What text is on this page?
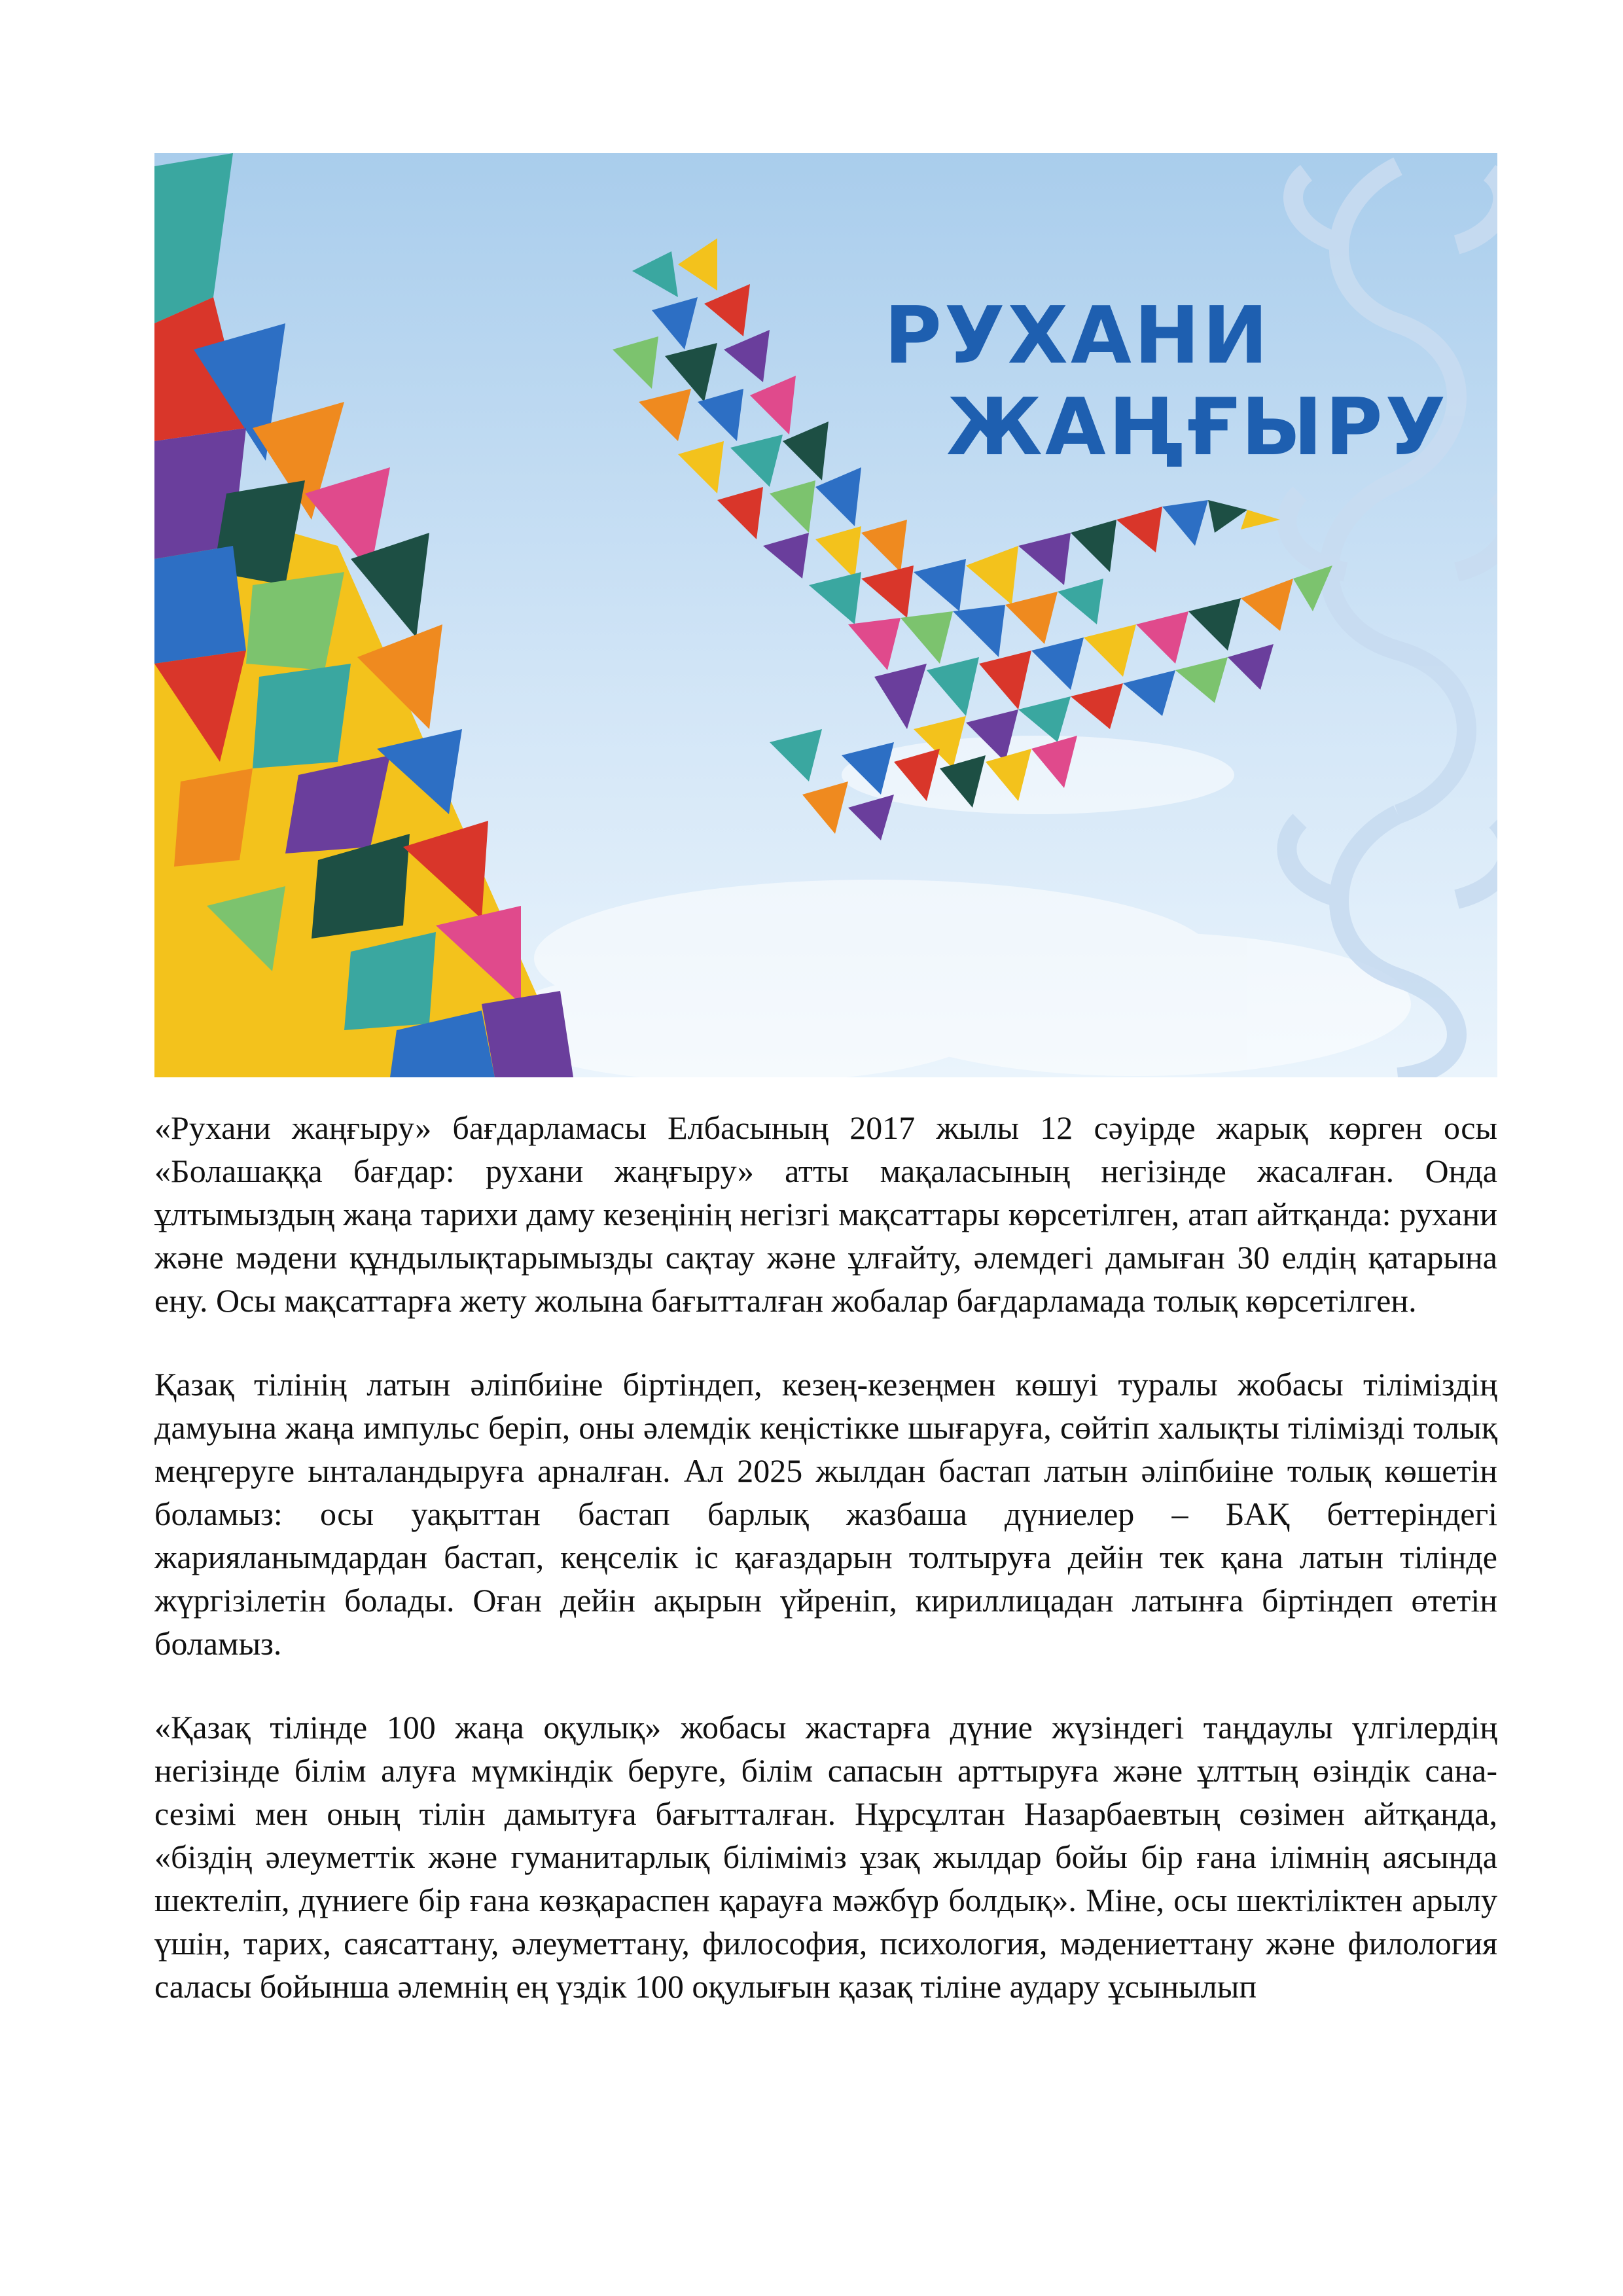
РУХАНИ
ЖАҢҒЫРУ

«Рухани жаңғыру» бағдарламасы Елбасының 2017 жылы 12 сәуірде жарық көрген осы «Болашаққа бағдар: рухани жаңғыру» атты мақаласының негізінде жасалған. Онда ұлтымыздың жаңа тарихи даму кезеңінің негізгі мақсаттары көрсетілген, атап айтқанда: рухани және мәдени құндылықтарымызды сақтау және ұлғайту, әлемдегі дамыған 30 елдің қатарына ену. Осы мақсаттарға жету жолына бағытталған жобалар бағдарламада толық көрсетілген.

Қазақ тілінің латын әліпбиіне біртіндеп, кезең-кезеңмен көшуі туралы жобасы тіліміздің дамуына жаңа импульс беріп, оны әлемдік кеңістікке шығаруға, сөйтіп халықты тілімізді толық меңгеруге ынталандыруға арналған. Ал 2025 жылдан бастап латын әліпбиіне толық көшетін боламыз: осы уақыттан бастап барлық жазбаша дүниелер – БАҚ беттеріндегі жарияланымдардан бастап, кеңселік іс қағаздарын толтыруға дейін тек қана латын тілінде жүргізілетін болады. Оған дейін ақырын үйреніп, кириллицадан латынға біртіндеп өтетін боламыз.

«Қазақ тілінде 100 жаңа оқулық» жобасы жастарға дүние жүзіндегі таңдаулы үлгілердің негізінде білім алуға мүмкіндік беруге, білім сапасын арттыруға және ұлттың өзіндік сана-сезімі мен оның тілін дамытуға бағытталған. Нұрсұлтан Назарбаевтың сөзімен айтқанда, «біздің әлеуметтік және гуманитарлық біліміміз ұзақ жылдар бойы бір ғана ілімнің аясында шектеліп, дүниеге бір ғана көзқараспен қарауға мәжбүр болдық». Міне, осы шектіліктен арылу үшін, тарих, саясаттану, әлеуметтану, философия, психология, мәдениеттану және филология саласы бойынша әлемнің ең үздік 100 оқулығын қазақ тіліне аудару ұсынылып
